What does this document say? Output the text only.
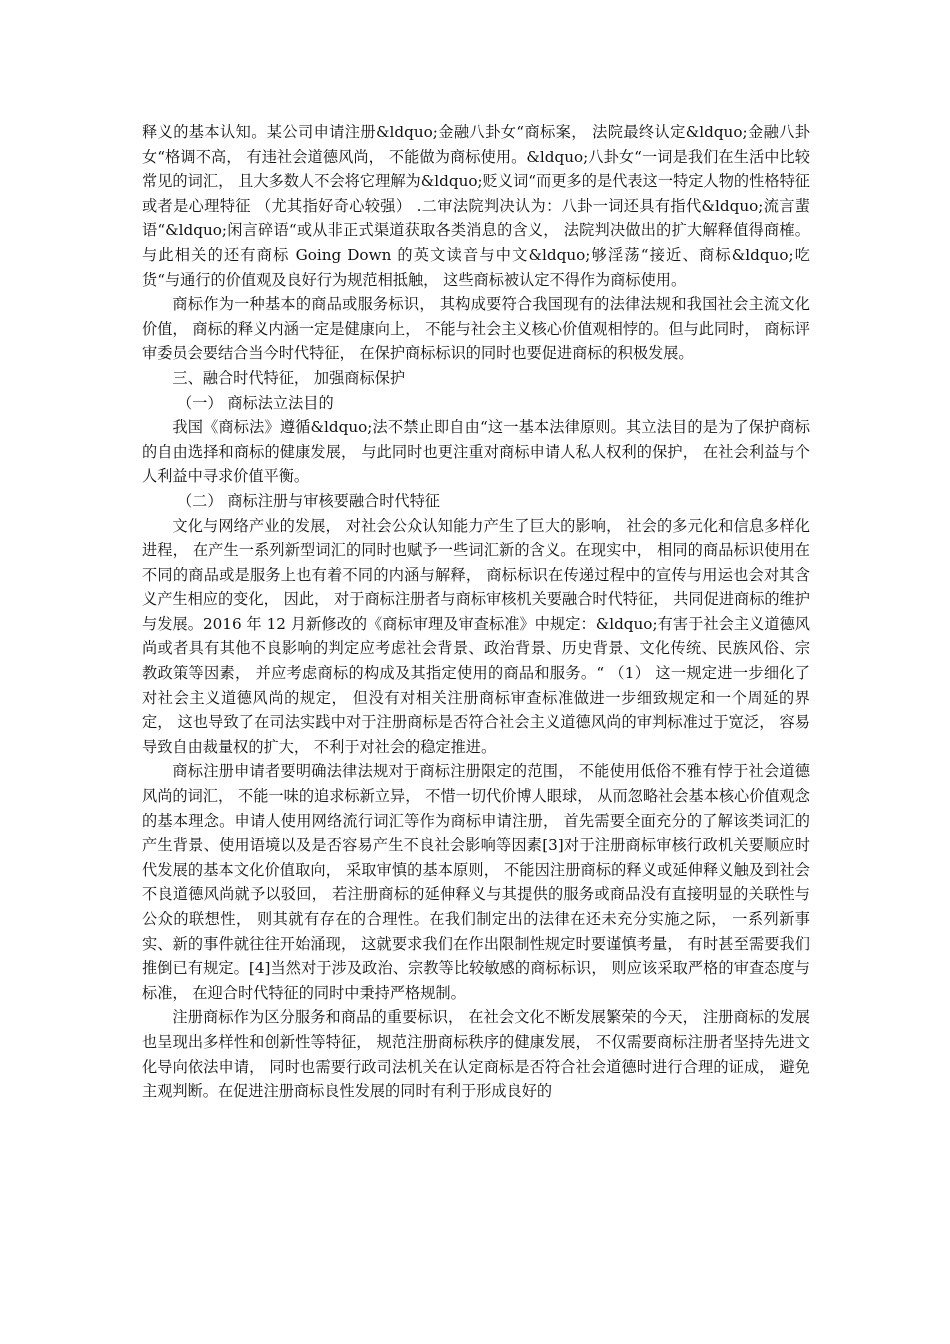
释义的基本认知。某公司申请注册&ldquo;金融八卦女“商标案， 法院最终认定&ldquo;金融八卦女“格调不高， 有违社会道德风尚， 不能做为商标使用。&ldquo;八卦女“一词是我们在生活中比较常见的词汇， 且大多数人不会将它理解为&ldquo;贬义词“而更多的是代表这一特定人物的性格特征或者是心理特征 （尤其指好奇心较强） .二审法院判决认为：八卦一词还具有指代&ldquo;流言蜚语“&ldquo;闲言碎语“或从非正式渠道获取各类消息的含义， 法院判决做出的扩大解释值得商榷。与此相关的还有商标 Going Down 的英文读音与中文&ldquo;够淫荡“接近、商标&ldquo;吃货“与通行的价值观及良好行为规范相抵触， 这些商标被认定不得作为商标使用。

商标作为一种基本的商品或服务标识， 其构成要符合我国现有的法律法规和我国社会主流文化价值， 商标的释义内涵一定是健康向上， 不能与社会主义核心价值观相悖的。但与此同时， 商标评审委员会要结合当今时代特征， 在保护商标标识的同时也要促进商标的积极发展。

三、融合时代特征， 加强商标保护

（一） 商标法立法目的

我国《商标法》遵循&ldquo;法不禁止即自由“这一基本法律原则。其立法目的是为了保护商标的自由选择和商标的健康发展， 与此同时也更注重对商标申请人私人权利的保护， 在社会利益与个人利益中寻求价值平衡。

（二） 商标注册与审核要融合时代特征

文化与网络产业的发展， 对社会公众认知能力产生了巨大的影响， 社会的多元化和信息多样化进程， 在产生一系列新型词汇的同时也赋予一些词汇新的含义。在现实中， 相同的商品标识使用在不同的商品或是服务上也有着不同的内涵与解释， 商标标识在传递过程中的宣传与用运也会对其含义产生相应的变化， 因此， 对于商标注册者与商标审核机关要融合时代特征， 共同促进商标的维护与发展。2016 年 12 月新修改的《商标审理及审查标准》中规定：&ldquo;有害于社会主义道德风尚或者具有其他不良影响的判定应考虑社会背景、政治背景、历史背景、文化传统、民族风俗、宗教政策等因素， 并应考虑商标的构成及其指定使用的商品和服务。“ （1） 这一规定进一步细化了对社会主义道德风尚的规定， 但没有对相关注册商标审查标准做进一步细致规定和一个周延的界定， 这也导致了在司法实践中对于注册商标是否符合社会主义道德风尚的审判标准过于宽泛， 容易导致自由裁量权的扩大， 不利于对社会的稳定推进。

商标注册申请者要明确法律法规对于商标注册限定的范围， 不能使用低俗不雅有悖于社会道德风尚的词汇， 不能一味的追求标新立异， 不惜一切代价博人眼球， 从而忽略社会基本核心价值观念的基本理念。申请人使用网络流行词汇等作为商标申请注册， 首先需要全面充分的了解该类词汇的产生背景、使用语境以及是否容易产生不良社会影响等因素[3]对于注册商标审核行政机关要顺应时代发展的基本文化价值取向， 采取审慎的基本原则， 不能因注册商标的释义或延伸释义触及到社会不良道德风尚就予以驳回， 若注册商标的延伸释义与其提供的服务或商品没有直接明显的关联性与公众的联想性， 则其就有存在的合理性。在我们制定出的法律在还未充分实施之际， 一系列新事实、新的事件就往往开始涌现， 这就要求我们在作出限制性规定时要谨慎考量， 有时甚至需要我们推倒已有规定。[4]当然对于涉及政治、宗教等比较敏感的商标标识， 则应该采取严格的审查态度与标准， 在迎合时代特征的同时中秉持严格规制。

注册商标作为区分服务和商品的重要标识， 在社会文化不断发展繁荣的今天， 注册商标的发展也呈现出多样性和创新性等特征， 规范注册商标秩序的健康发展， 不仅需要商标注册者坚持先进文化导向依法申请， 同时也需要行政司法机关在认定商标是否符合社会道德时进行合理的证成， 避免主观判断。在促进注册商标良性发展的同时有利于形成良好的
